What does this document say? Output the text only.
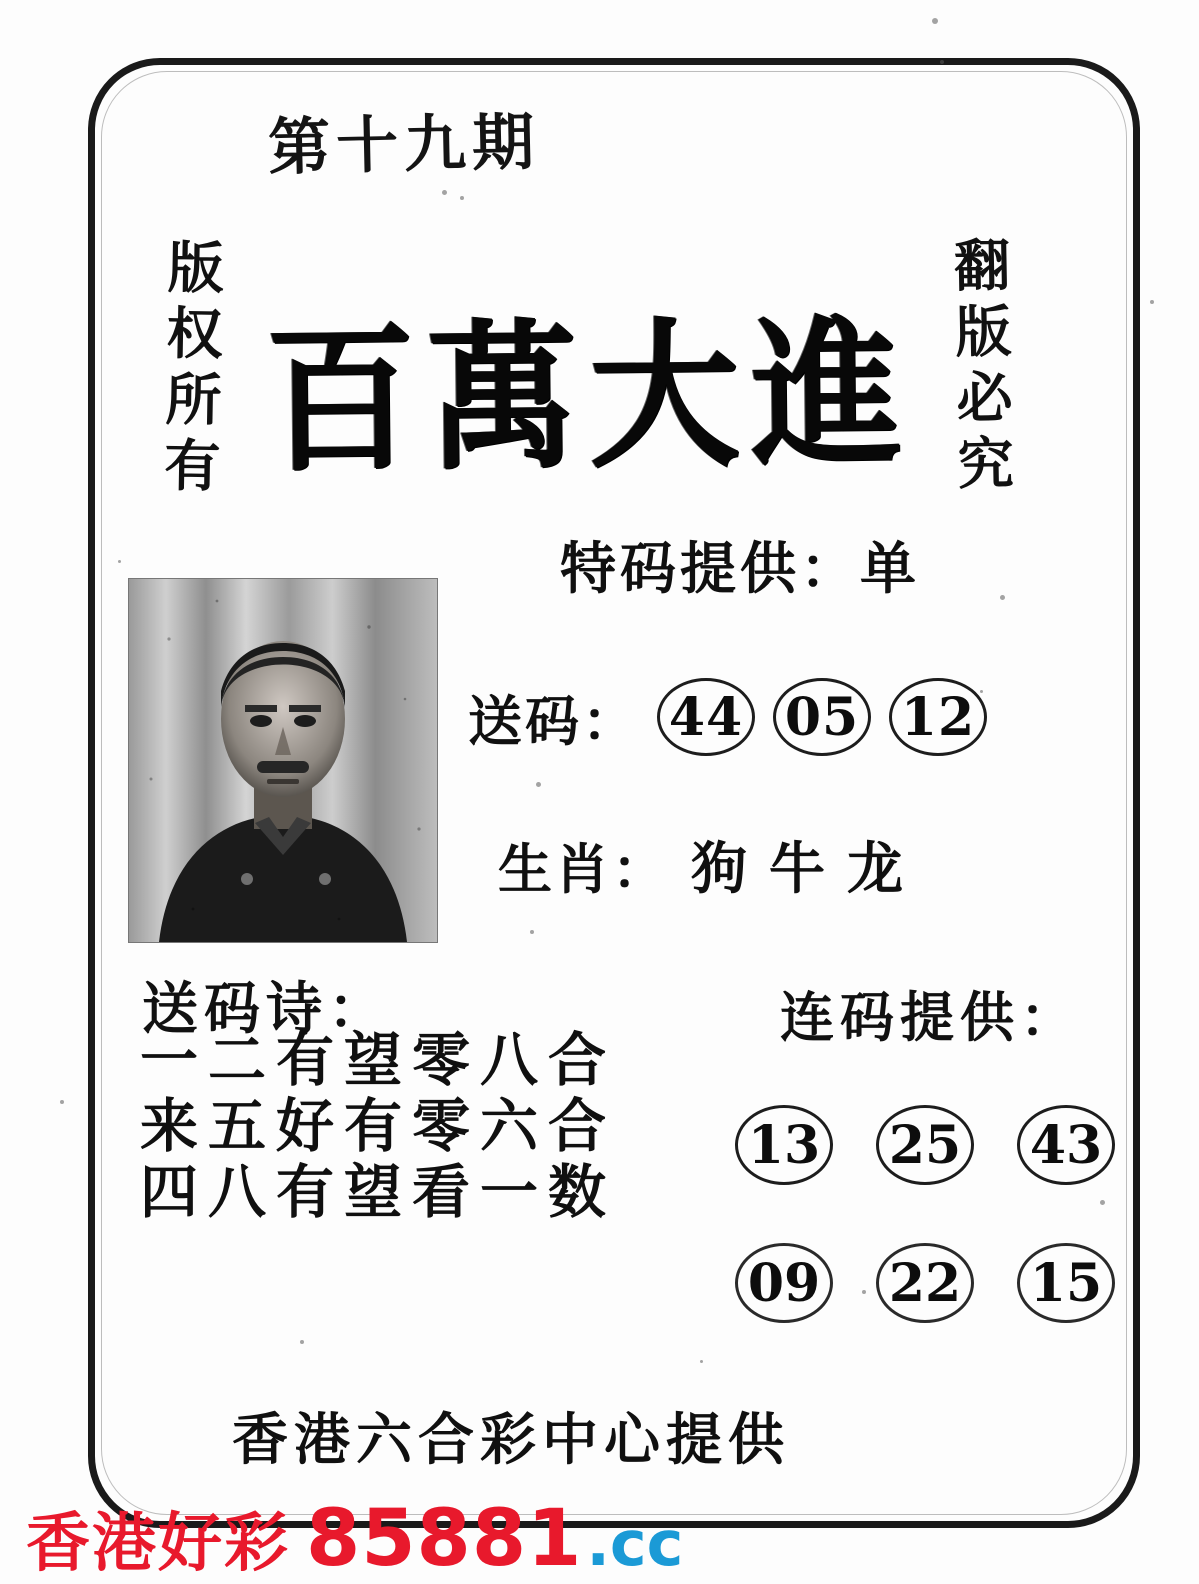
第十九期
版权所有	翻版必究
百萬大進
特码提供：单
送码： 44 05 12
生肖： 狗 牛 龙
送码诗：
一二有望零八合
来五好有零六合
四八有望看一数
连码提供：
13 25 43
09 22 15
香港六合彩中心提供
香港好彩 85881 .cc
